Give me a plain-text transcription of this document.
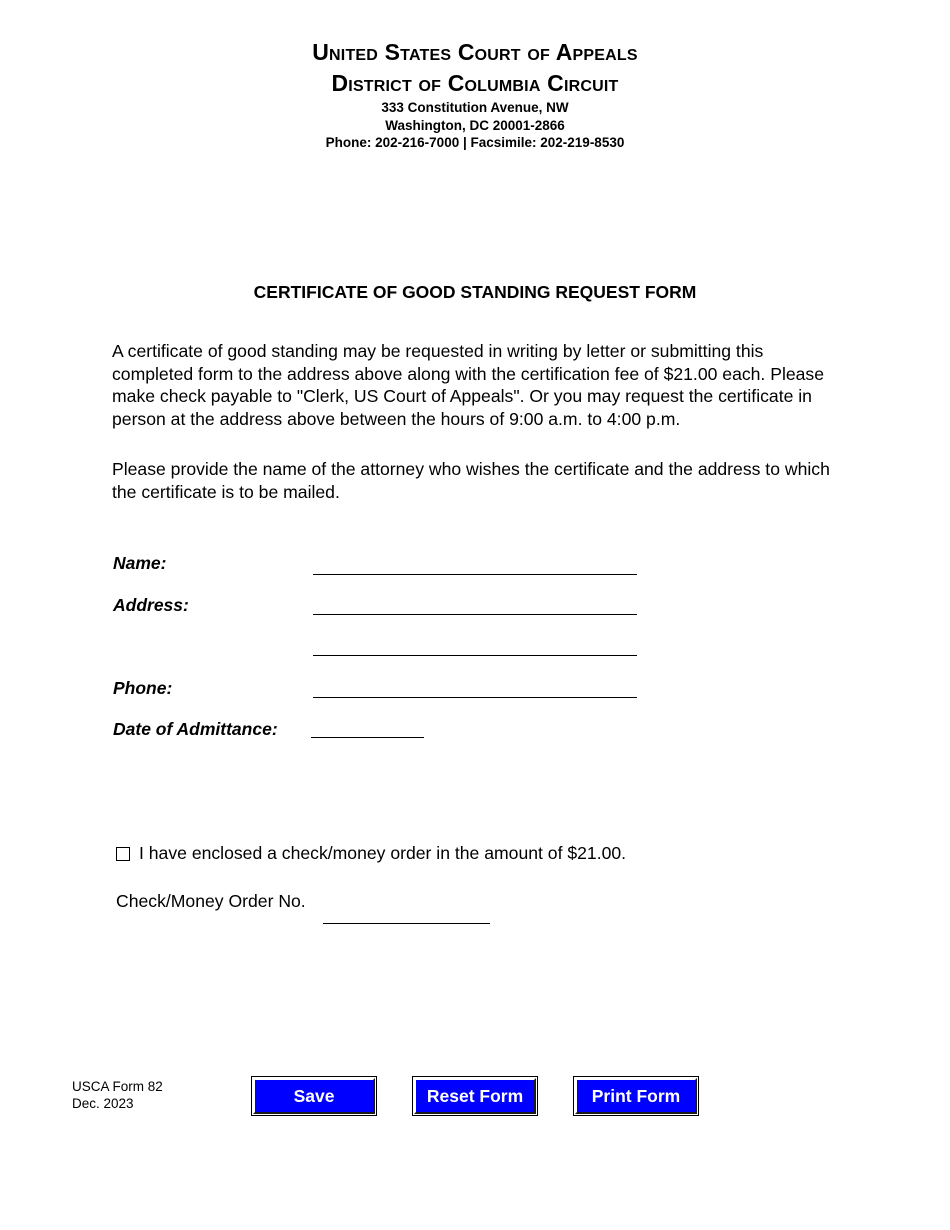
United States Court of Appeals
District of Columbia Circuit
333 Constitution Avenue, NW
Washington, DC 20001-2866
Phone: 202-216-7000 | Facsimile: 202-219-8530
CERTIFICATE OF GOOD STANDING REQUEST FORM
A certificate of good standing may be requested in writing by letter or submitting this completed form to the address above along with the certification fee of $21.00 each. Please make check payable to "Clerk, US Court of Appeals". Or you may request the certificate in person at the address above between the hours of 9:00 a.m. to 4:00 p.m.
Please provide the name of the attorney who wishes the certificate and the address to which the certificate is to be mailed.
Name:
Address:
Phone:
Date of Admittance:
I have enclosed a check/money order in the amount of $21.00.
Check/Money Order No.
USCA Form 82
Dec. 2023	Save	Reset Form	Print Form
